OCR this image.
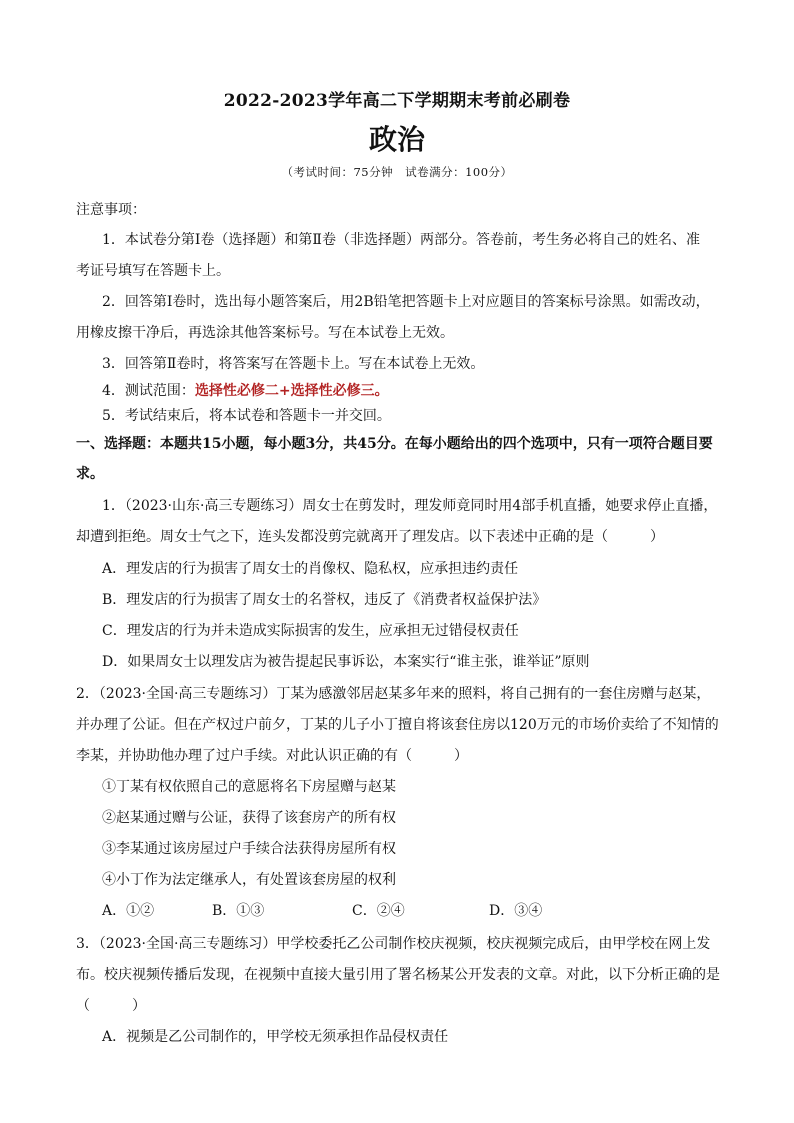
2022-2023学年高二下学期期末考前必刷卷
政治
（考试时间：75分钟　试卷满分：100分）
注意事项：
1．本试卷分第Ⅰ卷（选择题）和第Ⅱ卷（非选择题）两部分。答卷前，考生务必将自己的姓名、准
考证号填写在答题卡上。
2．回答第Ⅰ卷时，选出每小题答案后，用2B铅笔把答题卡上对应题目的答案标号涂黑。如需改动，
用橡皮擦干净后，再选涂其他答案标号。写在本试卷上无效。
3．回答第Ⅱ卷时，将答案写在答题卡上。写在本试卷上无效。
4．测试范围：选择性必修二+选择性必修三。
5．考试结束后，将本试卷和答题卡一并交回。
一、选择题：本题共15小题，每小题3分，共45分。在每小题给出的四个选项中，只有一项符合题目要
求。
1．（2023·山东·高三专题练习）周女士在剪发时，理发师竟同时用4部手机直播，她要求停止直播，
却遭到拒绝。周女士气之下，连头发都没剪完就离开了理发店。以下表述中正确的是（　　　）
A．理发店的行为损害了周女士的肖像权、隐私权，应承担违约责任
B．理发店的行为损害了周女士的名誉权，违反了《消费者权益保护法》
C．理发店的行为并未造成实际损害的发生，应承担无过错侵权责任
D．如果周女士以理发店为被告提起民事诉讼，本案实行“谁主张，谁举证”原则
2．（2023·全国·高三专题练习）丁某为感激邻居赵某多年来的照料，将自己拥有的一套住房赠与赵某，
并办理了公证。但在产权过户前夕，丁某的儿子小丁擅自将该套住房以120万元的市场价卖给了不知情的
李某，并协助他办理了过户手续。对此认识正确的有（　　　）
①丁某有权依照自己的意愿将名下房屋赠与赵某
②赵某通过赠与公证，获得了该套房产的所有权
③李某通过该房屋过户手续合法获得房屋所有权
④小丁作为法定继承人，有处置该套房屋的权利
A．①②	B．①③	C．②④	D．③④
3．（2023·全国·高三专题练习）甲学校委托乙公司制作校庆视频，校庆视频完成后，由甲学校在网上发
布。校庆视频传播后发现，在视频中直接大量引用了署名杨某公开发表的文章。对此，以下分析正确的是
（　　　）
A．视频是乙公司制作的，甲学校无须承担作品侵权责任
